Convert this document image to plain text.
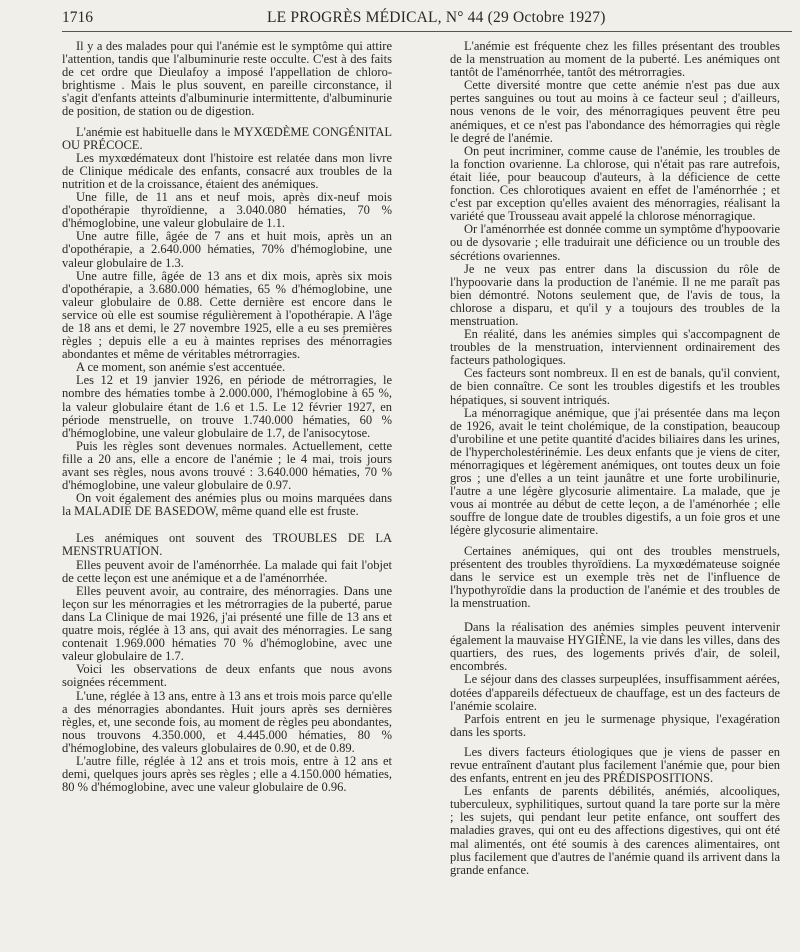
1716	LE PROGRÈS MÉDICAL, N° 44 (29 Octobre 1927)

Il y a des malades pour qui l'anémie est le symptôme qui attire l'attention, tandis que l'albuminurie reste occulte. C'est à des faits de cet ordre que Dieulafoy a imposé l'appellation de chloro-brightisme . Mais le plus souvent, en pareille circonstance, il s'agit d'enfants atteints d'albuminurie intermittente, d'albuminurie de position, de station ou de digestion.

L'anémie est habituelle dans le MYXŒDÈME CONGÉNITAL OU PRÉCOCE.

Les myxœdémateux dont l'histoire est relatée dans mon livre de Clinique médicale des enfants, consacré aux troubles de la nutrition et de la croissance, étaient des anémiques.

Une fille, de 11 ans et neuf mois, après dix-neuf mois d'opothérapie thyroïdienne, a 3.040.080 hématies, 70 % d'hémoglobine, une valeur globulaire de 1.1.

Une autre fille, âgée de 7 ans et huit mois, après un an d'opothérapie, a 2.640.000 hématies, 70% d'hémoglobine, une valeur globulaire de 1.3.

Une autre fille, âgée de 13 ans et dix mois, après six mois d'opothérapie, a 3.680.000 hématies, 65 % d'hémoglobine, une valeur globulaire de 0.88. Cette dernière est encore dans le service où elle est soumise régulièrement à l'opothérapie. A l'âge de 18 ans et demi, le 27 novembre 1925, elle a eu ses premières règles ; depuis elle a eu à maintes reprises des ménorragies abondantes et même de véritables métrorragies.

A ce moment, son anémie s'est accentuée.

Les 12 et 19 janvier 1926, en période de métrorragies, le nombre des hématies tombe à 2.000.000, l'hémoglobine à 65 %, la valeur globulaire étant de 1.6 et 1.5. Le 12 février 1927, en période menstruelle, on trouve 1.740.000 hématies, 60 % d'hémoglobine, une valeur globulaire de 1.7, de l'anisocytose.

Puis les règles sont devenues normales. Actuellement, cette fille a 20 ans, elle a encore de l'anémie ; le 4 mai, trois jours avant ses règles, nous avons trouvé : 3.640.000 hématies, 70 % d'hémoglobine, une valeur globulaire de 0.97.

On voit également des anémies plus ou moins marquées dans la MALADIE DE BASEDOW, même quand elle est fruste.

Les anémiques ont souvent des TROUBLES DE LA MENSTRUATION.

Elles peuvent avoir de l'aménorrhée. La malade qui fait l'objet de cette leçon est une anémique et a de l'aménorrhée.

Elles peuvent avoir, au contraire, des ménorragies. Dans une leçon sur les ménorragies et les métrorragies de la puberté, parue dans La Clinique de mai 1926, j'ai présenté une fille de 13 ans et quatre mois, réglée à 13 ans, qui avait des ménorragies. Le sang contenait 1.969.000 hématies 70 % d'hémoglobine, avec une valeur globulaire de 1.7.

Voici les observations de deux enfants que nous avons soignées récemment.

L'une, réglée à 13 ans, entre à 13 ans et trois mois parce qu'elle a des ménorragies abondantes. Huit jours après ses dernières règles, et, une seconde fois, au moment de règles peu abondantes, nous trouvons 4.350.000, et 4.445.000 hématies, 80 % d'hémoglobine, des valeurs globulaires de 0.90, et de 0.89.

L'autre fille, réglée à 12 ans et trois mois, entre à 12 ans et demi, quelques jours après ses règles ; elle a 4.150.000 hématies, 80 % d'hémoglobine, avec une valeur globulaire de 0.96.

L'anémie est fréquente chez les filles présentant des troubles de la menstruation au moment de la puberté. Les anémiques ont tantôt de l'aménorrhée, tantôt des métrorragies.

Cette diversité montre que cette anémie n'est pas due aux pertes sanguines ou tout au moins à ce facteur seul ; d'ailleurs, nous venons de le voir, des ménorragiques peuvent être peu anémiques, et ce n'est pas l'abondance des hémorragies qui règle le degré de l'anémie.

On peut incriminer, comme cause de l'anémie, les troubles de la fonction ovarienne. La chlorose, qui n'était pas rare autrefois, était liée, pour beaucoup d'auteurs, à la déficience de cette fonction. Ces chlorotiques avaient en effet de l'aménorrhée ; et c'est par exception qu'elles avaient des ménorragies, réalisant la variété que Trousseau avait appelé la chlorose ménorragique.

Or l'aménorrhée est donnée comme un symptôme d'hypoovarie ou de dysovarie ; elle traduirait une déficience ou un trouble des sécrétions ovariennes.

Je ne veux pas entrer dans la discussion du rôle de l'hypoovarie dans la production de l'anémie. Il ne me paraît pas bien démontré. Notons seulement que, de l'avis de tous, la chlorose a disparu, et qu'il y a toujours des troubles de la menstruation.

En réalité, dans les anémies simples qui s'accompagnent de troubles de la menstruation, interviennent ordinairement des facteurs pathologiques.

Ces facteurs sont nombreux. Il en est de banals, qu'il convient, de bien connaître. Ce sont les troubles digestifs et les troubles hépatiques, si souvent intriqués.

La ménorragique anémique, que j'ai présentée dans ma leçon de 1926, avait le teint cholémique, de la constipation, beaucoup d'urobiline et une petite quantité d'acides biliaires dans les urines, de l'hypercholestérinémie. Les deux enfants que je viens de citer, ménorragiques et légèrement anémiques, ont toutes deux un foie gros ; une d'elles a un teint jaunâtre et une forte urobilinurie, l'autre a une légère glycosurie alimentaire. La malade, que je vous ai montrée au début de cette leçon, a de l'aménorhée ; elle souffre de longue date de troubles digestifs, a un foie gros et une légère glycosurie alimentaire.

Certaines anémiques, qui ont des troubles menstruels, présentent des troubles thyroïdiens. La myxœdémateuse soignée dans le service est un exemple très net de l'influence de l'hypothyroïdie dans la production de l'anémie et des troubles de la menstruation.

Dans la réalisation des anémies simples peuvent intervenir également la mauvaise HYGIÈNE, la vie dans les villes, dans des quartiers, des rues, des logements privés d'air, de soleil, encombrés.

Le séjour dans des classes surpeuplées, insuffisamment aérées, dotées d'appareils défectueux de chauffage, est un des facteurs de l'anémie scolaire.

Parfois entrent en jeu le surmenage physique, l'exagération dans les sports.

Les divers facteurs étiologiques que je viens de passer en revue entraînent d'autant plus facilement l'anémie que, pour bien des enfants, entrent en jeu des PRÉDISPOSITIONS.

Les enfants de parents débilités, anémiés, alcooliques, tuberculeux, syphilitiques, surtout quand la tare porte sur la mère ; les sujets, qui pendant leur petite enfance, ont souffert des maladies graves, qui ont eu des affections digestives, qui ont été mal alimentés, ont été soumis à des carences alimentaires, ont plus facilement que d'autres de l'anémie quand ils arrivent dans la grande enfance.
